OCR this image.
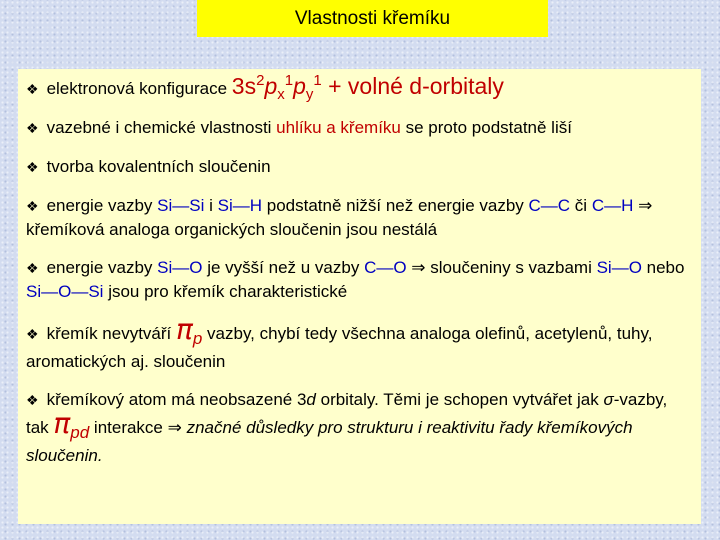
Vlastnosti křemíku

❖ elektronová konfigurace $3s^2p_x^1p_y^1$ + volné d-orbitaly

❖ vazebné i chemické vlastnosti uhlíku a křemíku se proto podstatně liší

❖ tvorba kovalentních sloučenin

❖ energie vazby Si—Si i Si—H podstatně nižší než energie vazby C—C či C—H ⇒ křemíková analoga organických sloučenin jsou nestálá

❖ energie vazby Si—O je vyšší než u vazby C—O ⇒ sloučeniny s vazbami Si—O nebo Si—O—Si jsou pro křemík charakteristické

❖ křemík nevytváří πp vazby, chybí tedy všechna analoga olefinů, acetylenů, tuhy, aromatických aj. sloučenin

❖ křemíkový atom má neobsazené 3d orbitaly. Těmi je schopen vytvářet jak σ-vazby, tak πpd interakce ⇒ značné důsledky pro strukturu i reaktivitu řady křemíkových sloučenin.
